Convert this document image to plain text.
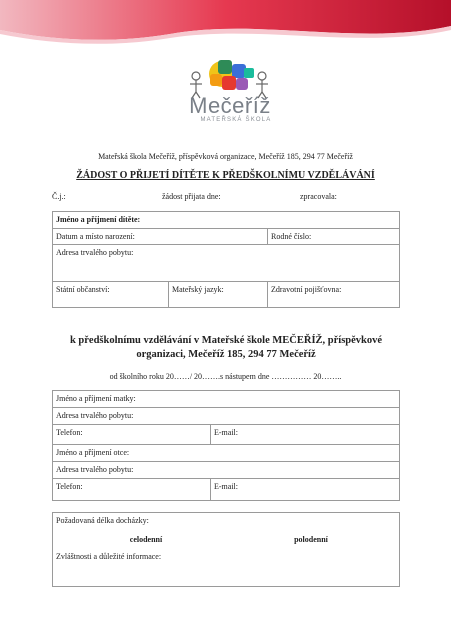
Mečeříž
MATEŘSKÁ ŠKOLA
Mateřská škola Mečeříž, příspěvková organizace, Mečeříž 185, 294 77 Mečeříž
ŽÁDOST O PŘIJETÍ DÍTĚTE K PŘEDŠKOLNÍMU VZDĚLÁVÁNÍ
Č.j.:	žádost přijata dne:	zpracovala:
Jméno a příjmení dítěte:		
Datum a místo narození:		Rodné číslo:
Adresa trvalého pobytu:		
Státní občanství:	Mateřský jazyk:	Zdravotní pojišťovna:
k předškolnímu vzdělávání v Mateřské škole MEČEŘÍŽ, příspěvkové
organizaci, Mečeříž 185, 294 77 Mečeříž
od školního roku 20……/ 20…….s nástupem dne …………… 20……..
Jméno a příjmení matky:	
Adresa trvalého pobytu:	
Telefon:	E-mail:
Jméno a příjmení otce:	
Adresa trvalého pobytu:	
Telefon:	E-mail:
Požadovaná délka docházky:
celodenní	polodenní
Zvláštnosti a důležité informace:
